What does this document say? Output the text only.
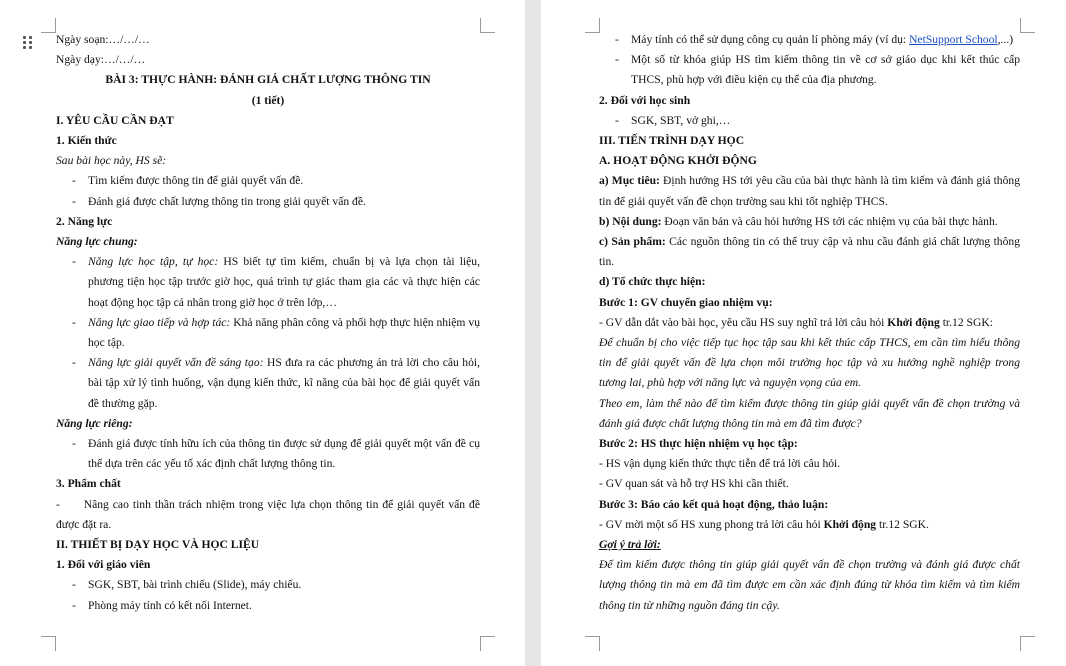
Ngày soạn:…/…/…

Ngày dạy:…/…/…

BÀI 3: THỰC HÀNH: ĐÁNH GIÁ CHẤT LƯỢNG THÔNG TIN

(1 tiết)

I. YÊU CẦU CẦN ĐẠT

1. Kiến thức

Sau bài học này, HS sẽ:

- Tìm kiếm được thông tin để giải quyết vấn đề.

- Đánh giá được chất lượng thông tin trong giải quyết vấn đề.

2. Năng lực

Năng lực chung:

- Năng lực học tập, tự học: HS biết tự tìm kiếm, chuẩn bị và lựa chọn tài liệu, phương tiện học tập trước giờ học, quá trình tự giác tham gia các và thực hiện các hoạt động học tập cá nhân trong giờ học ở trên lớp,…

- Năng lực giao tiếp và hợp tác: Khả năng phân công và phối hợp thực hiện nhiệm vụ học tập.

- Năng lực giải quyết vấn đề sáng tạo: HS đưa ra các phương án trả lời cho câu hỏi, bài tập xử lý tình huống, vận dụng kiến thức, kĩ năng của bài học để giải quyết vấn đề thường gặp.

Năng lực riêng:

- Đánh giá được tính hữu ích của thông tin được sử dụng để giải quyết một vấn đề cụ thể dựa trên các yếu tố xác định chất lượng thông tin.

3. Phẩm chất

-      Nâng cao tinh thần trách nhiệm trong việc lựa chọn thông tin để giải quyết vấn đề được đặt ra.

II. THIẾT BỊ DẠY HỌC VÀ HỌC LIỆU

1. Đối với giáo viên

- SGK, SBT, bài trình chiếu (Slide), máy chiếu.

- Phòng máy tính có kết nối Internet.

- Máy tính có thể sử dụng công cụ quản lí phòng máy (ví dụ: NetSupport School,...)

- Một số từ khóa giúp HS tìm kiếm thông tin về cơ sở giáo dục khi kết thúc cấp THCS, phù hợp với điều kiện cụ thể của địa phương.

2. Đối với học sinh

- SGK, SBT, vở ghi,…

III. TIẾN TRÌNH DẠY HỌC

A. HOẠT ĐỘNG KHỞI ĐỘNG

a) Mục tiêu: Định hướng HS tới yêu cầu của bài thực hành là tìm kiếm và đánh giá thông tin để giải quyết vấn đề chọn trường sau khi tốt nghiệp THCS.

b) Nội dung: Đoạn văn bản và câu hỏi hướng HS tới các nhiệm vụ của bài thực hành.

c) Sản phẩm: Các nguồn thông tin có thể truy cập và nhu cầu đánh giá chất lượng thông tin.

d) Tổ chức thực hiện:

Bước 1: GV chuyển giao nhiệm vụ:

- GV dẫn dắt vào bài học, yêu cầu HS suy nghĩ trả lời câu hỏi Khởi động tr.12 SGK:

Để chuẩn bị cho việc tiếp tục học tập sau khi kết thúc cấp THCS, em cần tìm hiểu thông tin để giải quyết vấn đề lựa chọn môi trường học tập và xu hướng nghề nghiệp trong tương lai, phù hợp với năng lực và nguyện vọng của em.

Theo em, làm thế nào để tìm kiếm được thông tin giúp giải quyết vấn đề chọn trường và đánh giá được chất lượng thông tin mà em đã tìm được?

Bước 2: HS thực hiện nhiệm vụ học tập:

- HS vận dụng kiến thức thực tiễn để trả lời câu hỏi.

- GV quan sát và hỗ trợ HS khi cần thiết.

Bước 3: Báo cáo kết quả hoạt động, thảo luận:

- GV mời một số HS xung phong trả lời câu hỏi Khởi động tr.12 SGK.

Gợi ý trả lời:

Để tìm kiếm được thông tin giúp giải quyết vấn đề chọn trường và đánh giá được chất lượng thông tin mà em đã tìm được em cần xác định đúng từ khóa tìm kiếm và tìm kiếm thông tin từ những nguồn đáng tin cậy.
